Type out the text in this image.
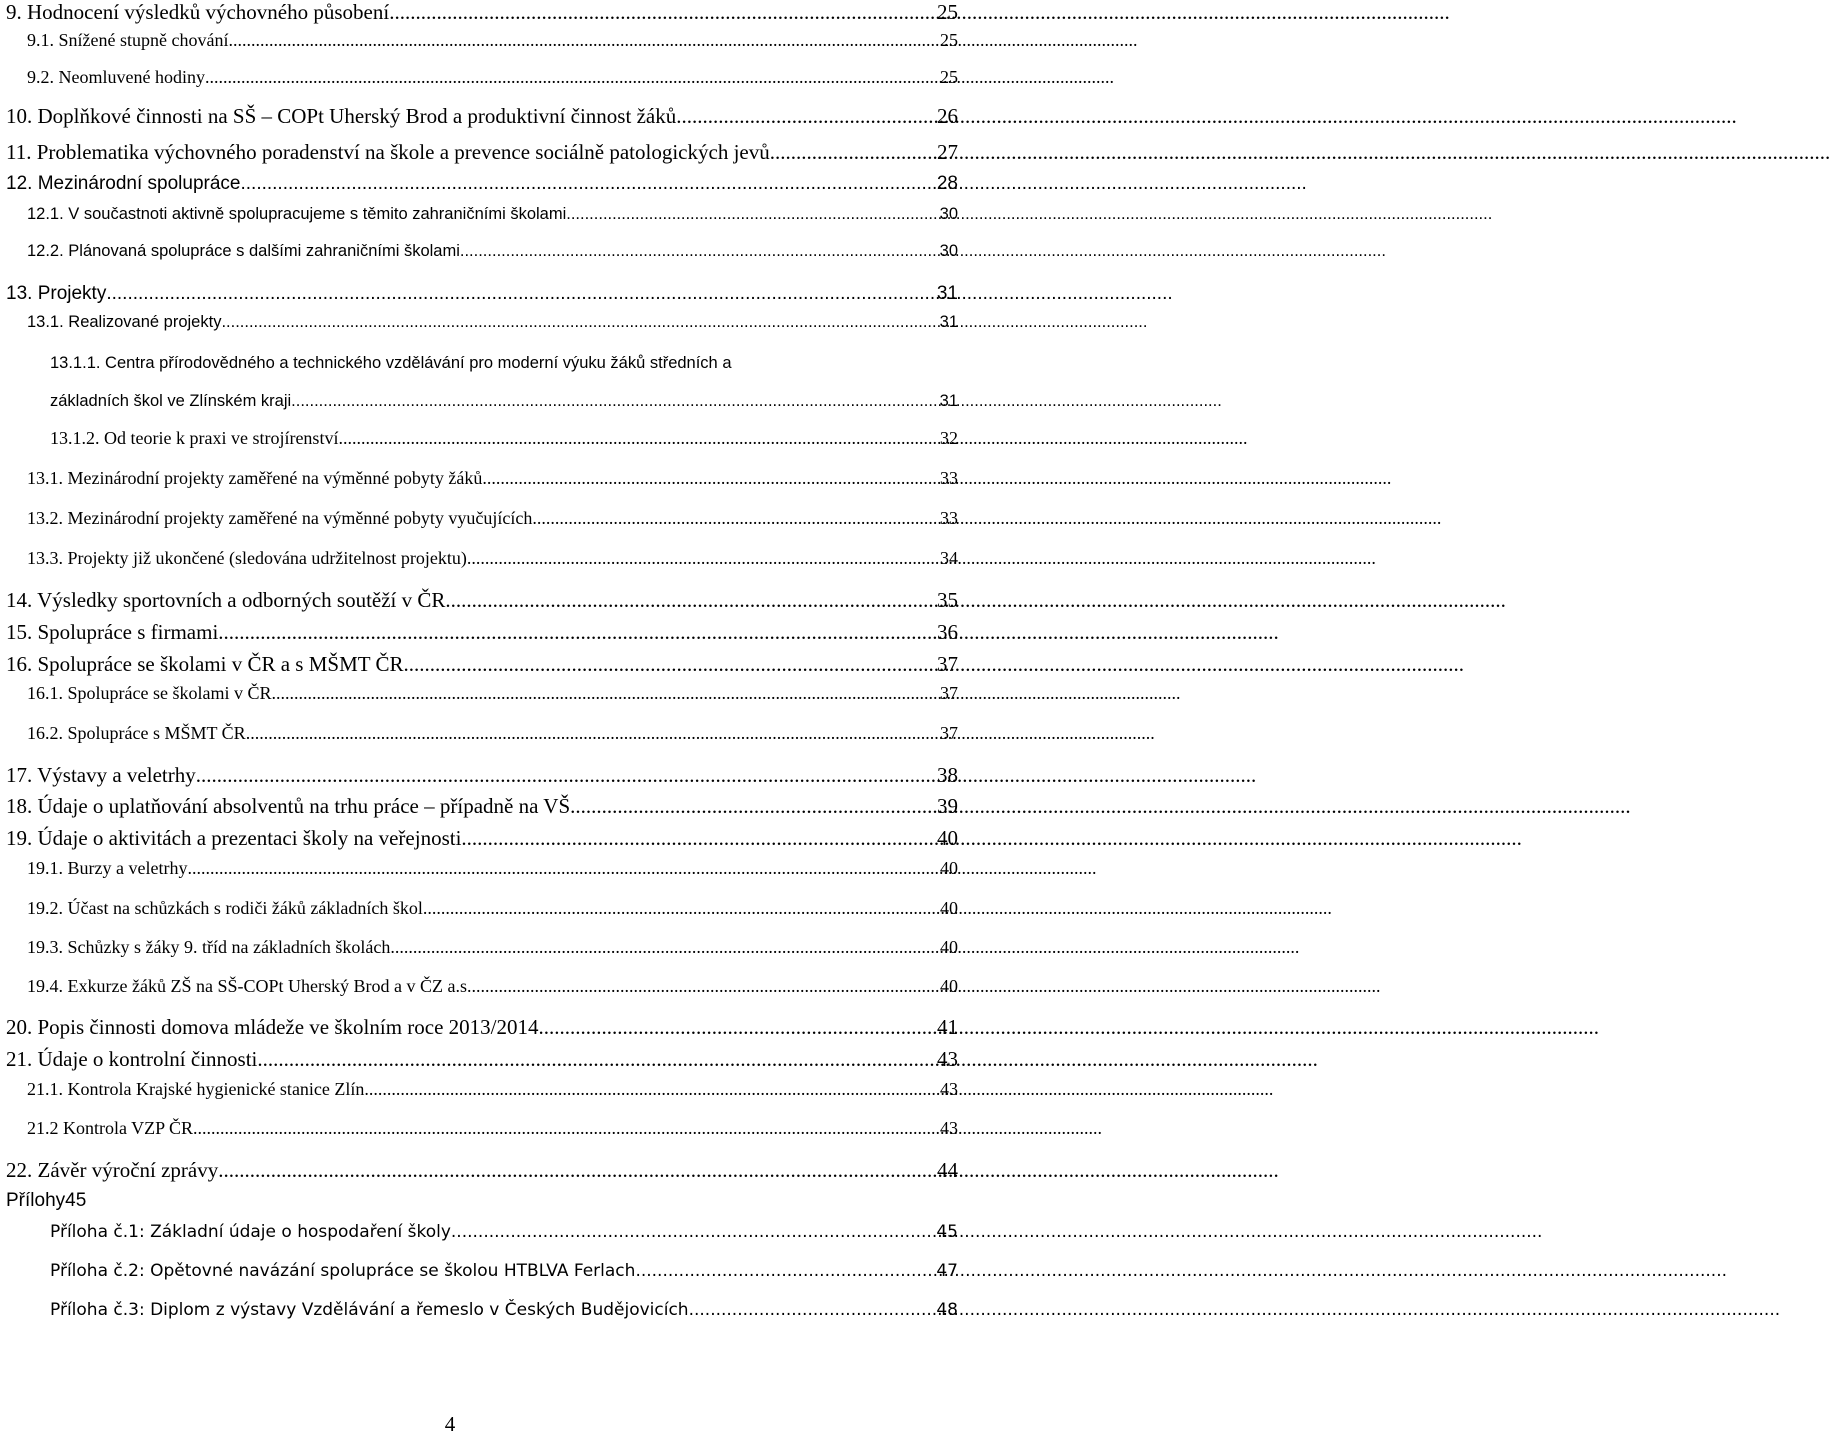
9. Hodnocení výsledků výchovného působení .....	25
9.1. Snížené stupně chování .....	25
9.2. Neomluvené hodiny .....	25
10. Doplňkové činnosti na SŠ – COPt Uherský Brod a produktivní činnost žáků .....	26
11. Problematika výchovného poradenství na škole a prevence sociálně patologických jevů .....	27
12. Mezinárodní spolupráce .....	28
12.1. V součastnoti aktivně spolupracujeme s těmito zahraničními školami .....	30
12.2. Plánovaná spolupráce s dalšími zahraničními školami .....	30
13. Projekty .....	31
13.1. Realizované projekty .....	31
13.1.1. Centra přírodovědného a technického vzdělávání pro moderní výuku žáků středních a
základních škol ve Zlínském kraji. .....	31
13.1.2. Od teorie k praxi ve strojírenství .....	32
13.1. Mezinárodní projekty zaměřené na výměnné pobyty žáků .....	33
13.2. Mezinárodní projekty zaměřené na výměnné pobyty vyučujících .....	33
13.3. Projekty již ukončené (sledována udržitelnost projektu) .....	34
14. Výsledky sportovních a odborných soutěží v ČR .....	35
15. Spolupráce s firmami .....	36
16. Spolupráce se školami v ČR a s MŠMT ČR .....	37
16.1. Spolupráce se školami v ČR .....	37
16.2. Spolupráce s MŠMT ČR .....	37
17. Výstavy a veletrhy .....	38
18. Údaje o uplatňování absolventů na trhu práce – případně na VŠ .....	39
19. Údaje o aktivitách a prezentaci školy na veřejnosti .....	40
19.1. Burzy a veletrhy .....	40
19.2. Účast na schůzkách s rodiči žáků základních škol .....	40
19.3. Schůzky s žáky 9. tříd na základních školách .....	40
19.4. Exkurze žáků ZŠ na SŠ-COPt Uherský Brod a v ČZ a.s. .....	40
20. Popis činnosti domova mládeže ve školním roce 2013/2014 .....	41
21. Údaje o kontrolní činnosti .....	43
21.1. Kontrola Krajské hygienické stanice Zlín .....	43
21.2 Kontrola VZP ČR .....	43
22. Závěr výroční zprávy .....	44
Přílohy45
Příloha č.1: Základní údaje o hospodaření školy .....	45
Příloha č.2: Opětovné navázání spolupráce se školou HTBLVA Ferlach .....	47
Příloha č.3: Diplom z výstavy Vzdělávání a řemeslo v Českých Budějovicích .....	48
4
